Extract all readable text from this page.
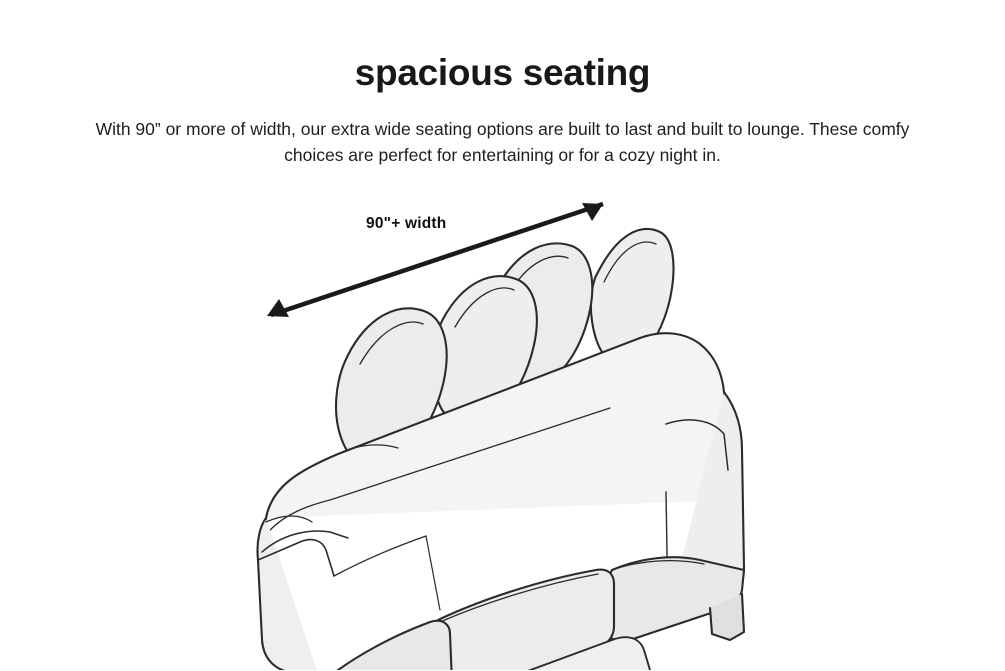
spacious seating
With 90” or more of width, our extra wide seating options are built to last and built to lounge. These comfy choices are perfect for entertaining or for a cozy night in.
90"+ width
